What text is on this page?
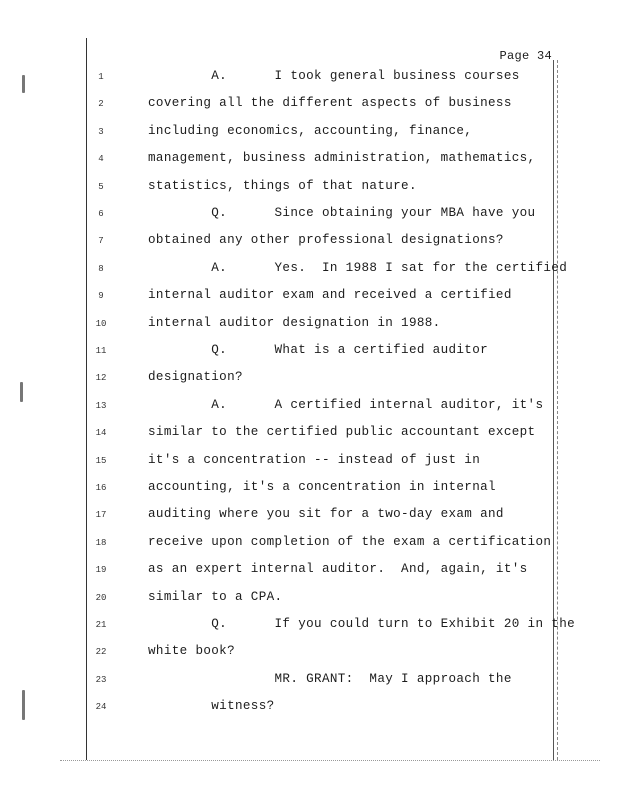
Page 34
1	A.      I took general business courses
2	covering all the different aspects of business
3	including economics, accounting, finance,
4	management, business administration, mathematics,
5	statistics, things of that nature.
6	Q.      Since obtaining your MBA have you
7	obtained any other professional designations?
8	A.      Yes.  In 1988 I sat for the certified
9	internal auditor exam and received a certified
10	internal auditor designation in 1988.
11	Q.      What is a certified auditor
12	designation?
13	A.      A certified internal auditor, it's
14	similar to the certified public accountant except
15	it's a concentration -- instead of just in
16	accounting, it's a concentration in internal
17	auditing where you sit for a two-day exam and
18	receive upon completion of the exam a certification
19	as an expert internal auditor.  And, again, it's
20	similar to a CPA.
21	Q.      If you could turn to Exhibit 20 in the
22	white book?
23	MR. GRANT:  May I approach the
24	witness?
